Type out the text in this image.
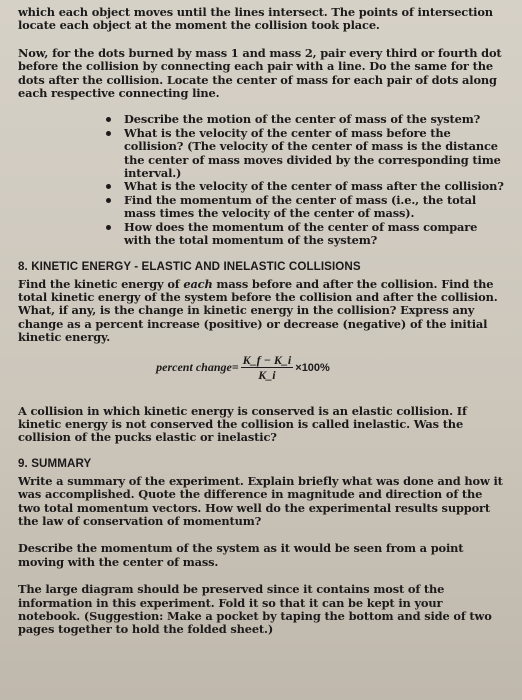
which each object moves until the lines intersect. The points of intersection locate each object at the moment the collision took place.

Now, for the dots burned by mass 1 and mass 2, pair every third or fourth dot before the collision by connecting each pair with a line. Do the same for the dots after the collision. Locate the center of mass for each pair of dots along each respective connecting line.

Describe the motion of the center of mass of the system?
What is the velocity of the center of mass before the collision? (The velocity of the center of mass is the distance the center of mass moves divided by the corresponding time interval.)
What is the velocity of the center of mass after the collision?
Find the momentum of the center of mass (i.e., the total mass times the velocity of the center of mass).
How does the momentum of the center of mass compare with the total momentum of the system?
8. KINETIC ENERGY - ELASTIC AND INELASTIC COLLISIONS

Find the kinetic energy of each mass before and after the collision. Find the total kinetic energy of the system before the collision and after the collision. What, if any, is the change in kinetic energy in the collision? Express any change as a percent increase (positive) or decrease (negative) of the initial kinetic energy.

percent change = $\frac{K\_f - K\_i}{K\_i} \times 100\%$

A collision in which kinetic energy is conserved is an elastic collision. If kinetic energy is not conserved the collision is called inelastic. Was the collision of the pucks elastic or inelastic?

9. SUMMARY

Write a summary of the experiment. Explain briefly what was done and how it was accomplished. Quote the difference in magnitude and direction of the two total momentum vectors. How well do the experimental results support the law of conservation of momentum?

Describe the momentum of the system as it would be seen from a point moving with the center of mass.

The large diagram should be preserved since it contains most of the information in this experiment. Fold it so that it can be kept in your notebook. (Suggestion: Make a pocket by taping the bottom and side of two pages together to hold the folded sheet.)
